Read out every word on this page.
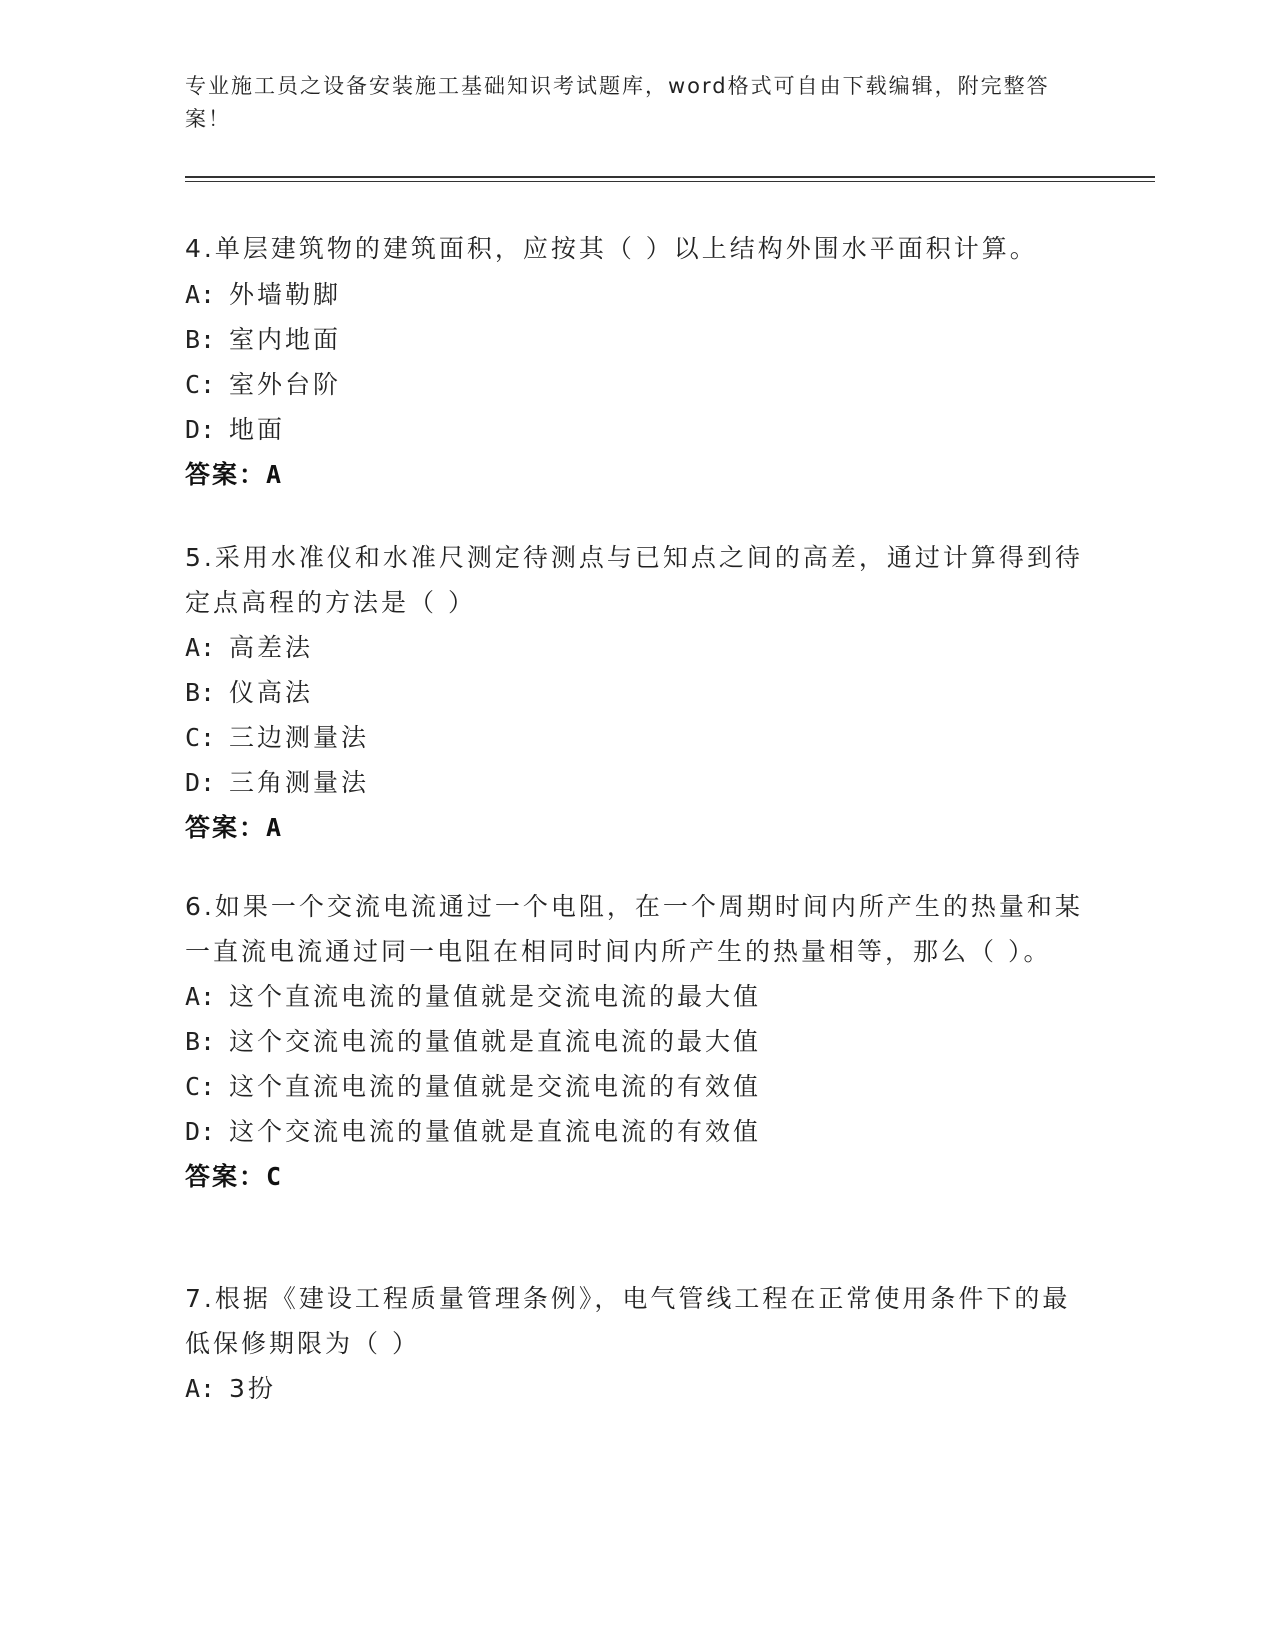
专业施工员之设备安装施工基础知识考试题库，word格式可自由下载编辑，附完整答案！

4.单层建筑物的建筑面积，应按其（ ）以上结构外围水平面积计算。

A: 外墙勒脚
B: 室内地面
C: 室外台阶
D: 地面
答案：A

5.采用水准仪和水准尺测定待测点与已知点之间的高差，通过计算得到待定点高程的方法是（ ）

A: 高差法
B: 仪高法
C: 三边测量法
D: 三角测量法
答案：A

6.如果一个交流电流通过一个电阻，在一个周期时间内所产生的热量和某一直流电流通过同一电阻在相同时间内所产生的热量相等，那么（ ）。

A: 这个直流电流的量值就是交流电流的最大值
B: 这个交流电流的量值就是直流电流的最大值
C: 这个直流电流的量值就是交流电流的有效值
D: 这个交流电流的量值就是直流电流的有效值
答案：C

7.根据《建设工程质量管理条例》，电气管线工程在正常使用条件下的最低保修期限为（ ）

A: 3扮
